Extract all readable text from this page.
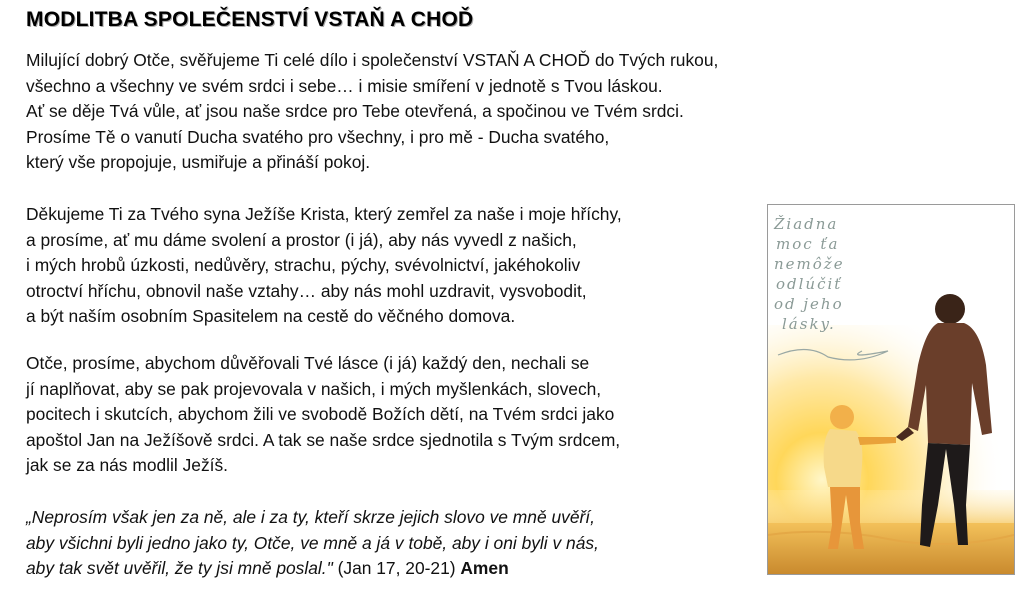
MODLITBA SPOLEČENSTVÍ VSTAŇ A CHOĎ

Milující dobrý Otče, svěřujeme Ti celé dílo i společenství VSTAŇ A CHOĎ do Tvých rukou,
všechno a všechny ve svém srdci i sebe… i misie smíření v jednotě s Tvou láskou.
Ať se děje Tvá vůle, ať jsou naše srdce pro Tebe otevřená, a spočinou ve Tvém srdci.
Prosíme Tě o vanutí Ducha svatého pro všechny, i pro mě - Ducha svatého,
který vše propojuje, usmiřuje a přináší pokoj.

Děkujeme Ti za Tvého syna Ježíše Krista, který zemřel za naše i moje hříchy,
a prosíme, ať mu dáme svolení a prostor (i já), aby nás vyvedl z našich,
i mých hrobů úzkosti, nedůvěry, strachu, pýchy, svévolnictví, jakéhokoliv
otroctví hříchu, obnovil naše vztahy… aby nás mohl uzdravit, vysvobodit,
a být naším osobním Spasitelem na cestě do věčného domova.

Otče, prosíme, abychom důvěřovali Tvé lásce (i já) každý den, nechali se
jí naplňovat, aby se pak projevovala v našich, i mých myšlenkách, slovech,
pocitech i skutcích, abychom žili ve svobodě Božích dětí, na Tvém srdci jako
apoštol Jan na Ježíšově srdci. A tak se naše srdce sjednotila s Tvým srdcem,
jak se za nás modlil Ježíš.

„Neprosím však jen za ně, ale i za ty, kteří skrze jejich slovo ve mně uvěří,
aby všichni byli jedno jako ty, Otče, ve mně a já v tobě, aby i oni byli v nás,
aby tak svět uvěřil, že ty jsi mně poslal." (Jan 17, 20-21) Amen

Žiadna
moc ťa
nemôže
odlúčiť
od jeho
lásky.
